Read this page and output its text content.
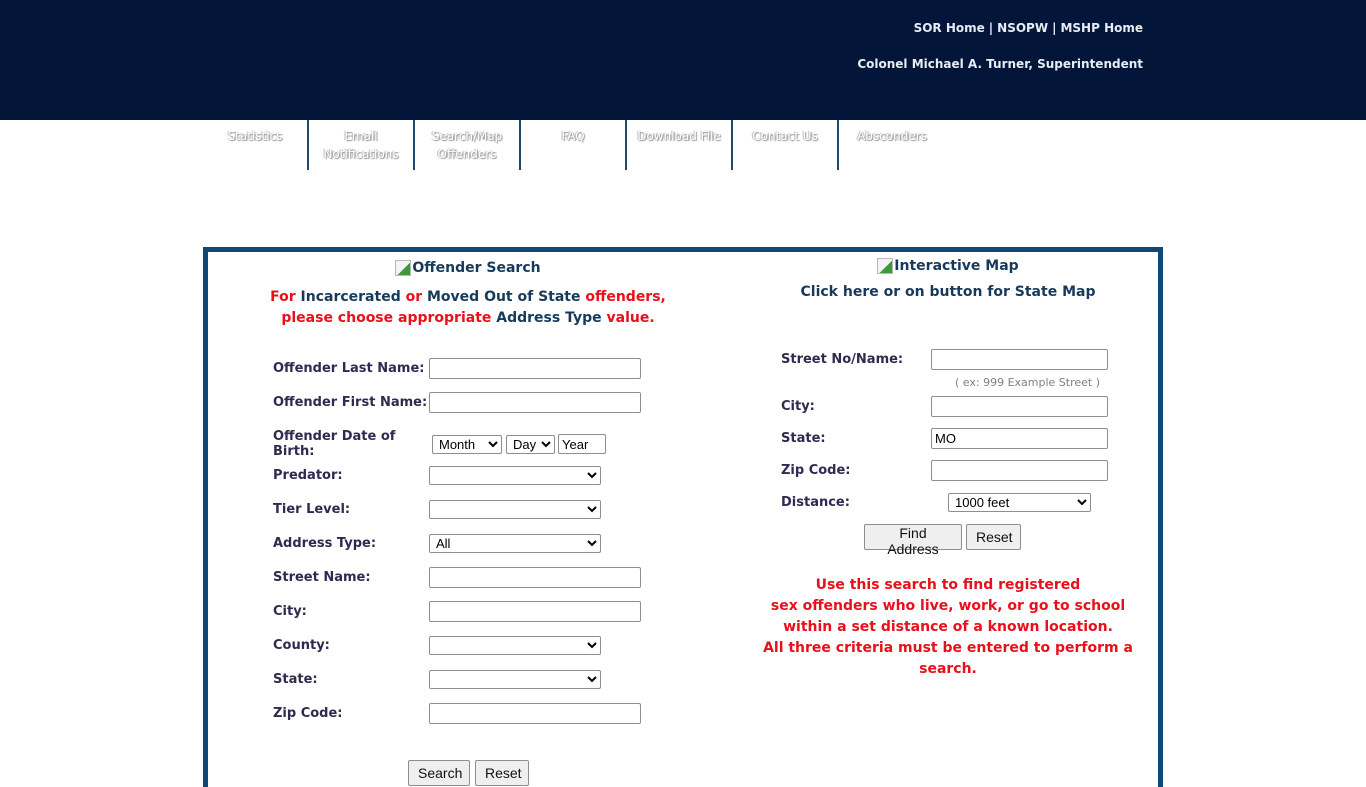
SOR Home | NSOPW | MSHP Home
Colonel Michael A. Turner, Superintendent
Statistics	Email Notifications
Search/Map Offenders
FAQ	Download File	Contact Us	Absconders
Offender Search
For Incarcerated or Moved Out of State offenders,
please choose appropriate Address Type value.
Offender Last Name:
Offender First Name:
Offender Date of Birth:
Month
Day
Year
Predator:
Tier Level:
Address Type:
All
Street Name:
City:
County:
State:
Zip Code:
Search	Reset
Interactive Map
Click here or on button for State Map
Street No/Name:
( ex: 999 Example Street )
City:
State:
MO
Zip Code:
Distance:
1000 feet
Find Address
Reset
Use this search to find registered
sex offenders who live, work, or go to school
within a set distance of a known location.
All three criteria must be entered to perform a search.
